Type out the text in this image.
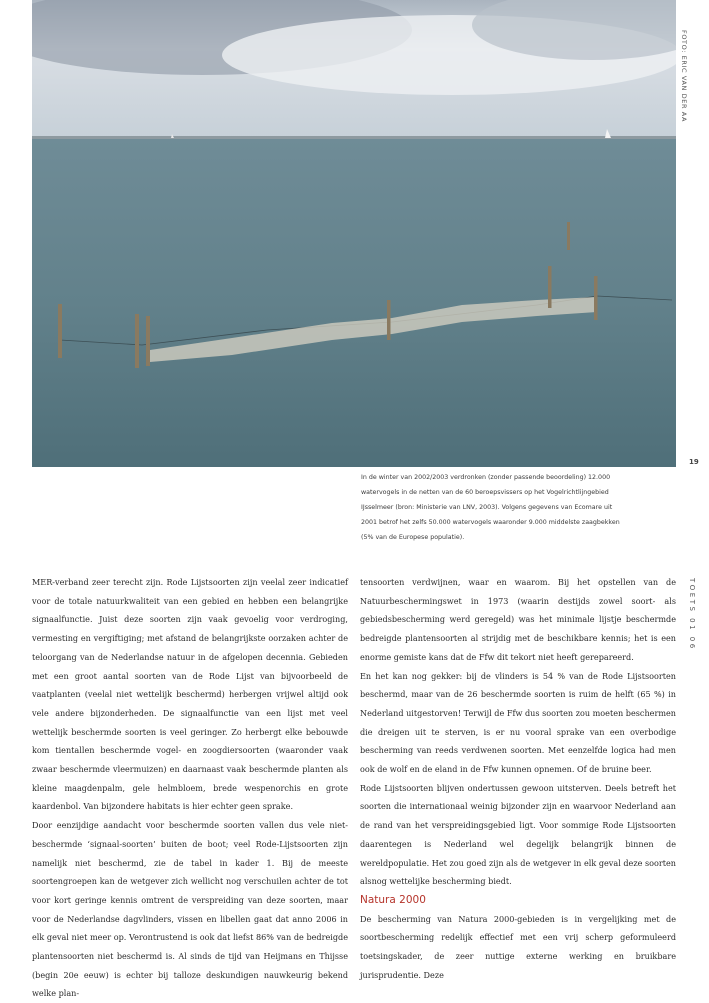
FOTO: ERIC VAN DER AA
19
TOETS 01 06

In de winter van 2002/2003 verdronken (zonder passende beoordeling) 12.000 watervogels in de netten van de 60 beroepsvissers op het Vogelrichtlijngebied IJsselmeer (bron: Ministerie van LNV, 2003). Volgens gegevens van Ecomare uit 2001 betrof het zelfs 50.000 watervogels waaronder 9.000 middelste zaagbekken (5% van de Europese populatie).

MER-verband zeer terecht zijn. Rode Lijstsoorten zijn veelal zeer indicatief voor de totale natuurkwaliteit van een gebied en hebben een belangrijke signaalfunctie. Juist deze soorten zijn vaak gevoelig voor verdroging, vermesting en vergiftiging; met afstand de belangrijkste oorzaken achter de teloorgang van de Nederlandse natuur in de afgelopen decennia. Gebieden met een groot aantal soorten van de Rode Lijst van bijvoorbeeld de vaatplanten (veelal niet wettelijk beschermd) herbergen vrijwel altijd ook vele andere bijzonderheden. De signaalfunctie van een lijst met veel wettelijk beschermde soorten is veel geringer. Zo herbergt elke bebouwde kom tientallen beschermde vogel- en zoogdiersoorten (waaronder vaak zwaar beschermde vleermuizen) en daarnaast vaak beschermde planten als kleine maagdenpalm, gele helmbloem, brede wespenorchis en grote kaardenbol. Van bijzondere habitats is hier echter geen sprake.

Door eenzijdige aandacht voor beschermde soorten vallen dus vele niet-beschermde ‘signaal-soorten’ buiten de boot; veel Rode-Lijstsoorten zijn namelijk niet beschermd, zie de tabel in kader 1. Bij de meeste soortengroepen kan de wetgever zich wellicht nog verschuilen achter de tot voor kort geringe kennis omtrent de verspreiding van deze soorten, maar voor de Nederlandse dagvlinders, vissen en libellen gaat dat anno 2006 in elk geval niet meer op. Verontrustend is ook dat liefst 86% van de bedreigde plantensoorten niet beschermd is. Al sinds de tijd van Heijmans en Thijsse (begin 20e eeuw) is echter bij talloze deskundigen nauwkeurig bekend welke plan-

tensoorten verdwijnen, waar en waarom. Bij het opstellen van de Natuurbeschermingswet in 1973 (waarin destijds zowel soort- als gebiedsbescherming werd geregeld) was het minimale lijstje beschermde bedreigde plantensoorten al strijdig met de beschikbare kennis; het is een enorme gemiste kans dat de Ffw dit tekort niet heeft gerepareerd.

En het kan nog gekker: bij de vlinders is 54 % van de Rode Lijstsoorten beschermd, maar van de 26 beschermde soorten is ruim de helft (65 %) in Nederland uitgestorven! Terwijl de Ffw dus soorten zou moeten beschermen die dreigen uit te sterven, is er nu vooral sprake van een overbodige bescherming van reeds verdwenen soorten. Met eenzelfde logica had men ook de wolf en de eland in de Ffw kunnen opnemen. Of de bruine beer.

Rode Lijstsoorten blijven ondertussen gewoon uitsterven. Deels betreft het soorten die internationaal weinig bijzonder zijn en waarvoor Nederland aan de rand van het verspreidingsgebied ligt. Voor sommige Rode Lijstsoorten daarentegen is Nederland wel degelijk belangrijk binnen de wereldpopulatie. Het zou goed zijn als de wetgever in elk geval deze soorten alsnog wettelijke bescherming biedt.

Natura 2000

De bescherming van Natura 2000-gebieden is in vergelijking met de soortbescherming redelijk effectief met een vrij scherp geformuleerd toetsingskader, de zeer nuttige externe werking en bruikbare jurisprudentie. Deze
